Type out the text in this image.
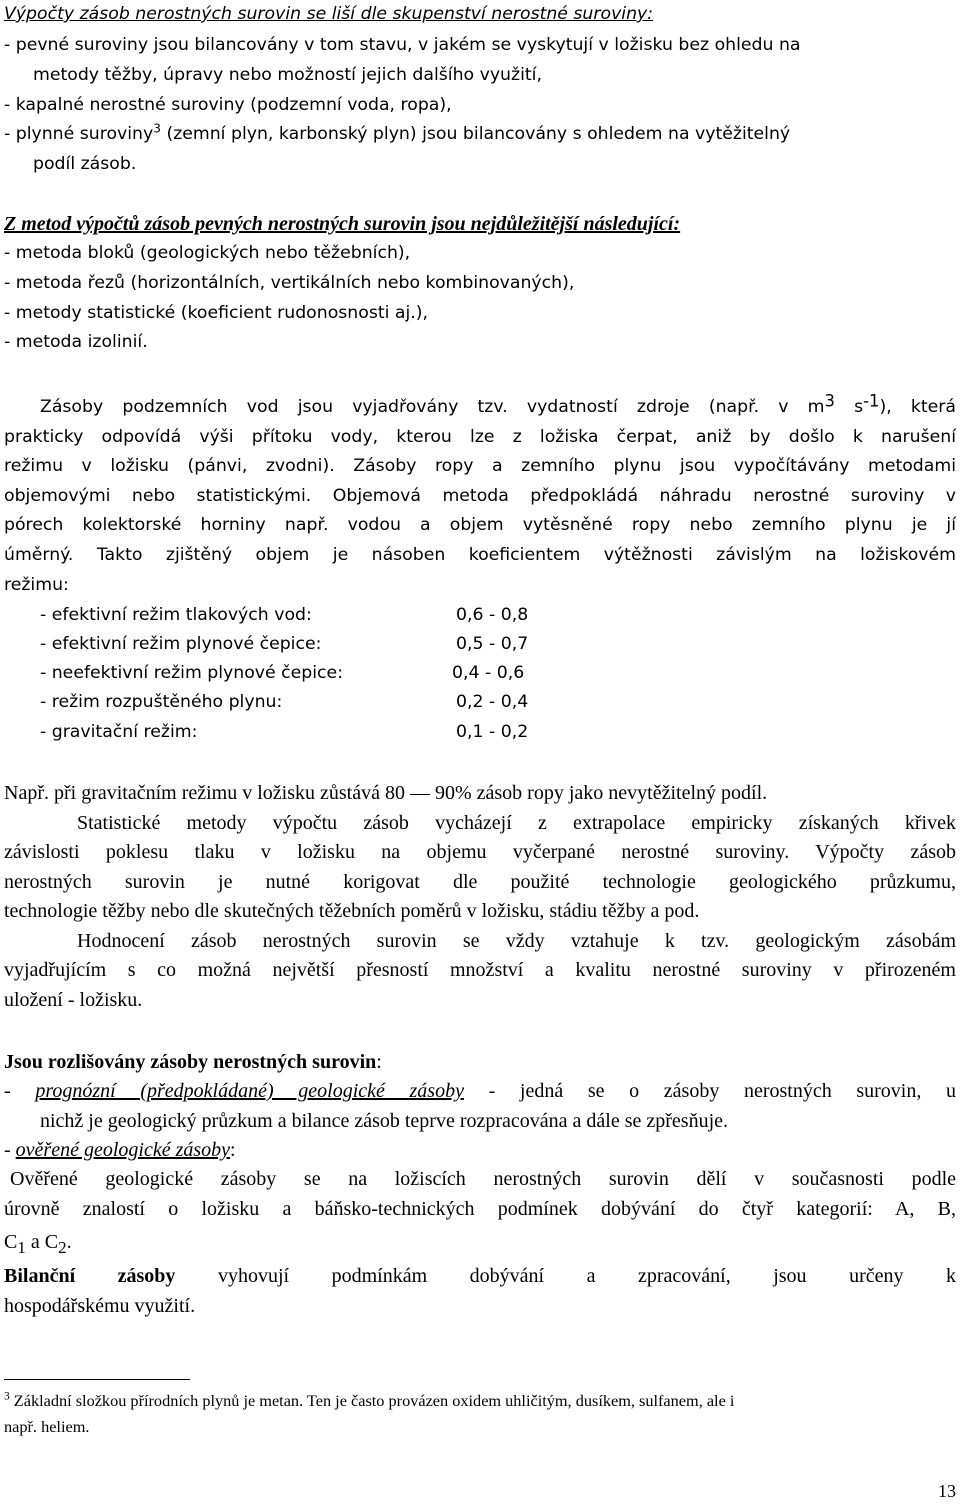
Výpočty zásob nerostných surovin se liší dle skupenství nerostné suroviny:
- pevné suroviny jsou bilancovány v tom stavu, v jakém se vyskytují v ložisku bez ohledu na
metody těžby, úpravy nebo možností jejich dalšího využití,
- kapalné nerostné suroviny (podzemní voda, ropa),
- plynné suroviny$^3$ (zemní plyn, karbonský plyn) jsou bilancovány s ohledem na vytěžitelný
podíl zásob.
Z metod výpočtů zásob pevných nerostných surovin jsou nejdůležitější následující:
- metoda bloků (geologických nebo těžebních),
- metoda řezů (horizontálních, vertikálních nebo kombinovaných),
- metody statistické (koeficient rudonosnosti aj.),
- metoda izolinií.
Zásoby podzemních vod jsou vyjadřovány tzv. vydatností zdroje (např. v m3 s-1), která
prakticky odpovídá výši přítoku vody, kterou lze z ložiska čerpat, aniž by došlo k narušení
režimu v ložisku (pánvi, zvodni). Zásoby ropy a zemního plynu jsou vypočítávány metodami
objemovými nebo statistickými. Objemová metoda předpokládá náhradu nerostné suroviny v
pórech kolektorské horniny např. vodou a objem vytěsněné ropy nebo zemního plynu je jí
úměrný. Takto zjištěný objem je násoben koeficientem výtěžnosti závislým na ložiskovém
režimu:
- efektivní režim tlakových vod:	0,6 - 0,8
- efektivní režim plynové čepice:	0,5 - 0,7
- neefektivní režim plynové čepice:	0,4 - 0,6
- režim rozpuštěného plynu:	0,2 - 0,4
- gravitační režim:	0,1 - 0,2
Např. při gravitačním režimu v ložisku zůstává 80 — 90% zásob ropy jako nevytěžitelný podíl.
Statistické metody výpočtu zásob vycházejí z extrapolace empiricky získaných křivek
závislosti poklesu tlaku v ložisku na objemu vyčerpané nerostné suroviny. Výpočty zásob
nerostných surovin je nutné korigovat dle použité technologie geologického průzkumu,
technologie těžby nebo dle skutečných těžebních poměrů v ložisku, stádiu těžby a pod.
Hodnocení zásob nerostných surovin se vždy vztahuje k tzv. geologickým zásobám
vyjadřujícím s co možná největší přesností množství a kvalitu nerostné suroviny v přirozeném
uložení - ložisku.
Jsou rozlišovány zásoby nerostných surovin:
- prognózní (předpokládané) geologické zásoby - jedná se o zásoby nerostných surovin, u
nichž je geologický průzkum a bilance zásob teprve rozpracována a dále se zpřesňuje.
- ověřené geologické zásoby:
Ověřené geologické zásoby se na ložiscích nerostných surovin dělí v současnosti podle
úrovně znalostí o ložisku a báňsko-technických podmínek dobývání do čtyř kategorií: A, B,
$C_1$ a $C_2$.
Bilanční zásoby vyhovují podmínkám dobývání a zpracování, jsou určeny k
hospodářskému využití.
$^3$ Základní složkou přírodních plynů je metan. Ten je často provázen oxidem uhličitým, dusíkem, sulfanem, ale i
např. heliem.
13
